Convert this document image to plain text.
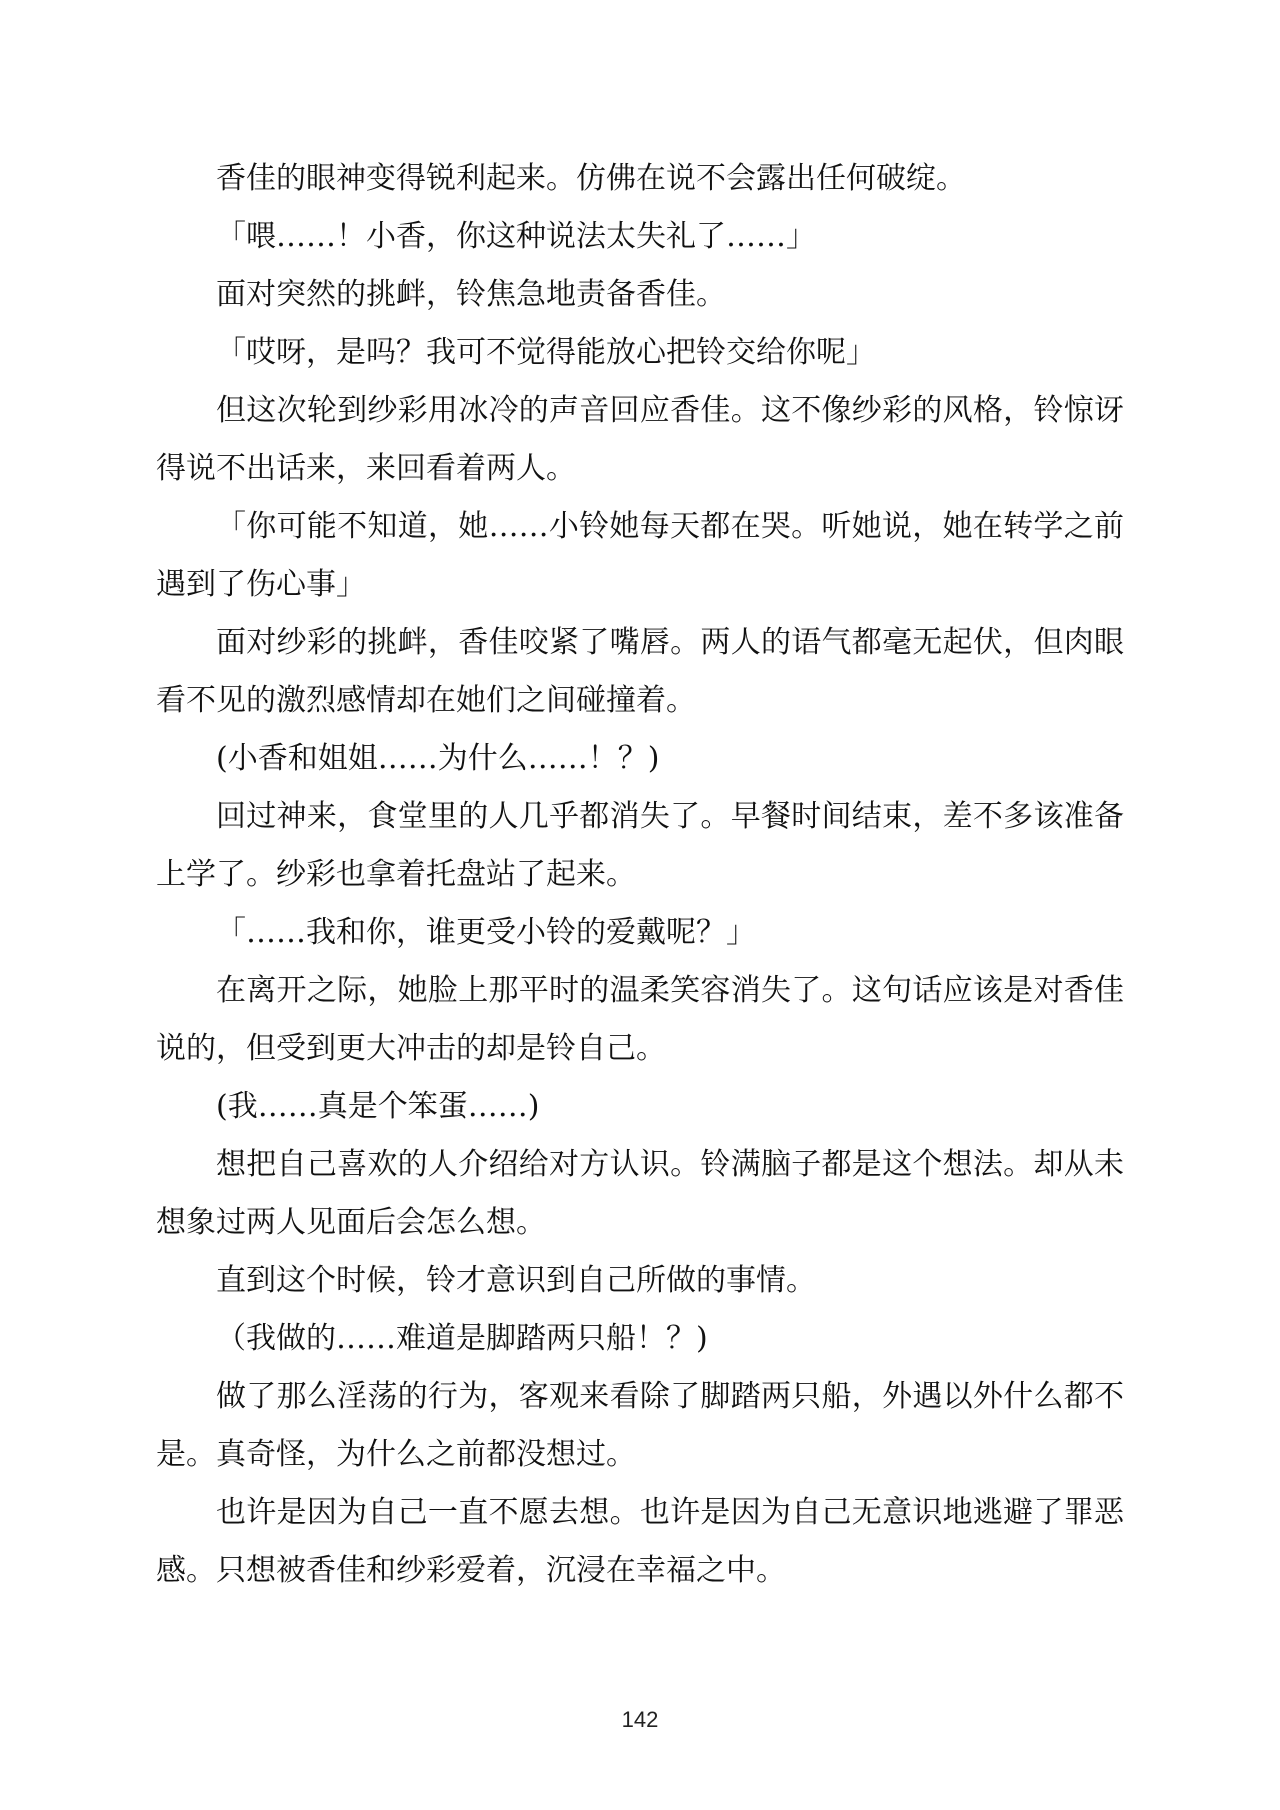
香佳的眼神变得锐利起来。仿佛在说不会露出任何破绽。

「喂……！小香，你这种说法太失礼了……」

面对突然的挑衅，铃焦急地责备香佳。

「哎呀，是吗？我可不觉得能放心把铃交给你呢」

但这次轮到纱彩用冰冷的声音回应香佳。这不像纱彩的风格，铃惊讶得说不出话来，来回看着两人。

「你可能不知道，她……小铃她每天都在哭。听她说，她在转学之前遇到了伤心事」

面对纱彩的挑衅，香佳咬紧了嘴唇。两人的语气都毫无起伏，但肉眼看不见的激烈感情却在她们之间碰撞着。

(小香和姐姐……为什么……！？)

回过神来，食堂里的人几乎都消失了。早餐时间结束，差不多该准备上学了。纱彩也拿着托盘站了起来。

「……我和你，谁更受小铃的爱戴呢？」

在离开之际，她脸上那平时的温柔笑容消失了。这句话应该是对香佳说的，但受到更大冲击的却是铃自己。

(我……真是个笨蛋……)

想把自己喜欢的人介绍给对方认识。铃满脑子都是这个想法。却从未想象过两人见面后会怎么想。

直到这个时候，铃才意识到自己所做的事情。

（我做的……难道是脚踏两只船！？)

做了那么淫荡的行为，客观来看除了脚踏两只船，外遇以外什么都不是。真奇怪，为什么之前都没想过。

也许是因为自己一直不愿去想。也许是因为自己无意识地逃避了罪恶感。只想被香佳和纱彩爱着，沉浸在幸福之中。

142
